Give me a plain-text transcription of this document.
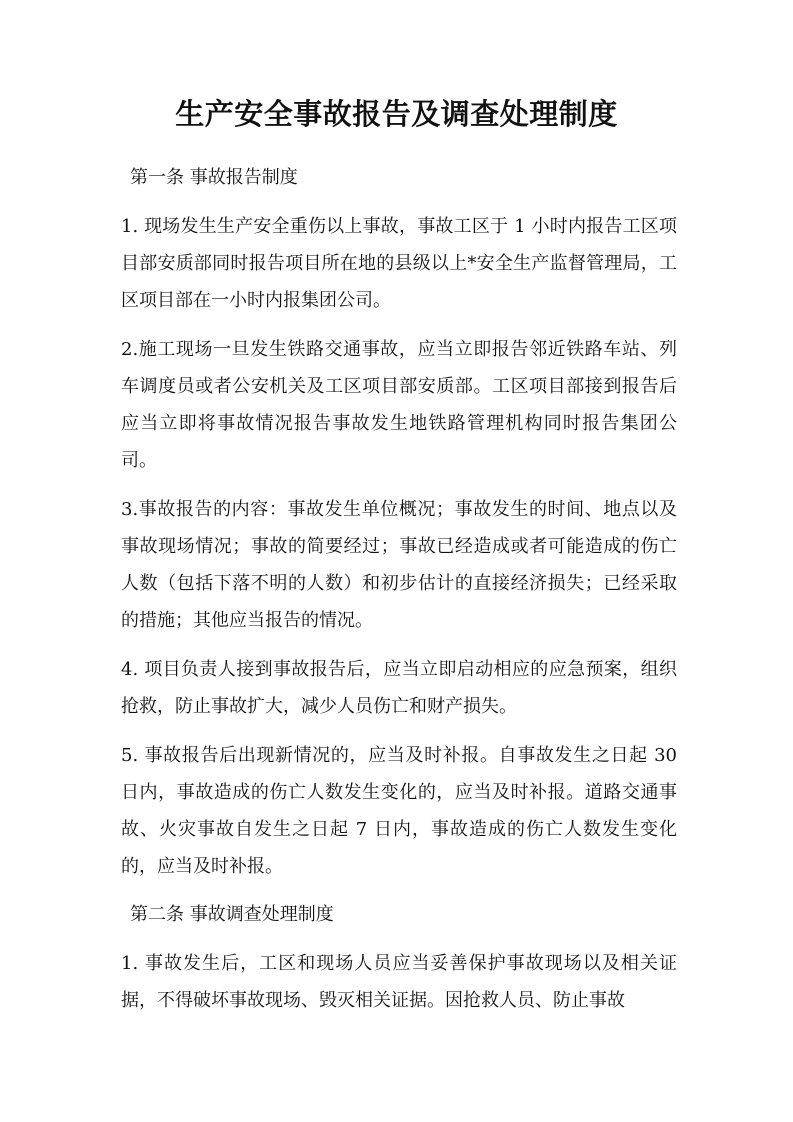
生产安全事故报告及调查处理制度
第一条 事故报告制度

1. 现场发生生产安全重伤以上事故，事故工区于 1 小时内报告工区项目部安质部同时报告项目所在地的县级以上*安全生产监督管理局，工区项目部在一小时内报集团公司。

2.施工现场一旦发生铁路交通事故，应当立即报告邻近铁路车站、列车调度员或者公安机关及工区项目部安质部。工区项目部接到报告后应当立即将事故情况报告事故发生地铁路管理机构同时报告集团公司。

3.事故报告的内容：事故发生单位概况；事故发生的时间、地点以及事故现场情况；事故的简要经过；事故已经造成或者可能造成的伤亡人数（包括下落不明的人数）和初步估计的直接经济损失；已经采取的措施；其他应当报告的情况。

4. 项目负责人接到事故报告后，应当立即启动相应的应急预案，组织抢救，防止事故扩大，减少人员伤亡和财产损失。

5. 事故报告后出现新情况的，应当及时补报。自事故发生之日起 30 日内，事故造成的伤亡人数发生变化的，应当及时补报。道路交通事故、火灾事故自发生之日起 7 日内，事故造成的伤亡人数发生变化的，应当及时补报。

第二条 事故调查处理制度

1. 事故发生后，工区和现场人员应当妥善保护事故现场以及相关证据，不得破坏事故现场、毁灭相关证据。因抢救人员、防止事故
